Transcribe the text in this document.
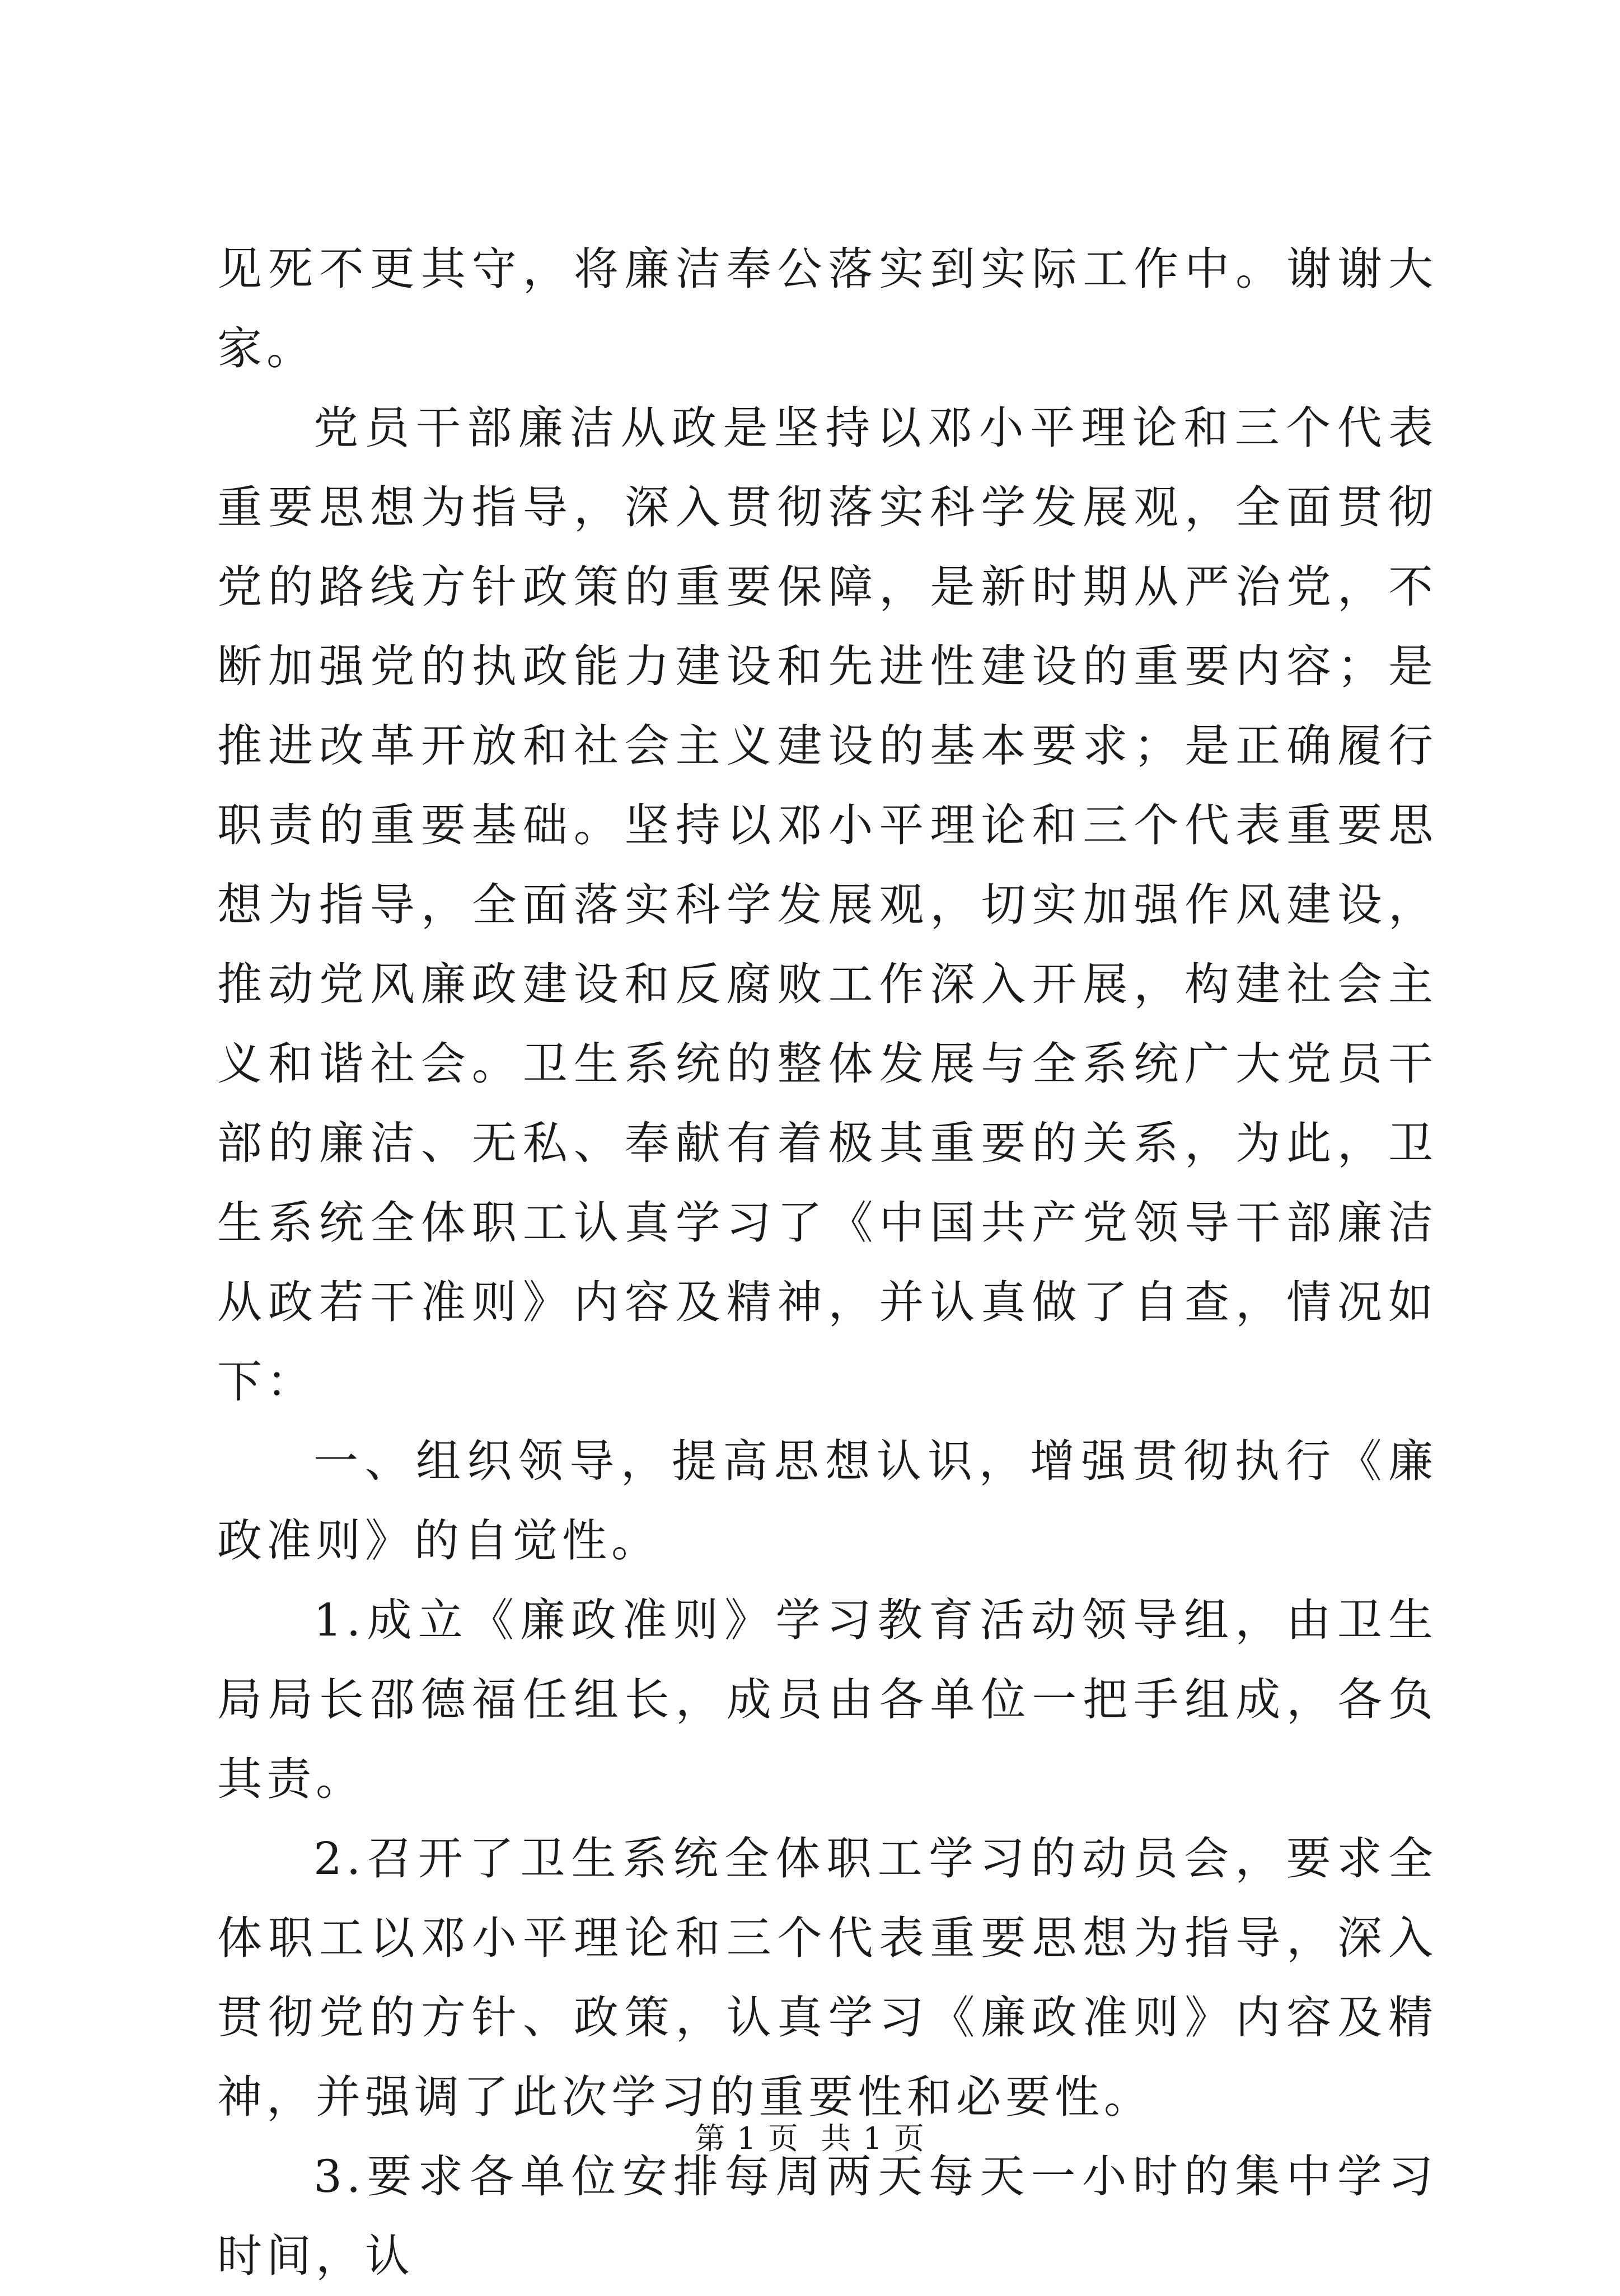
见死不更其守，将廉洁奉公落实到实际工作中。谢谢大家。

党员干部廉洁从政是坚持以邓小平理论和三个代表重要思想为指导，深入贯彻落实科学发展观，全面贯彻党的路线方针政策的重要保障，是新时期从严治党，不断加强党的执政能力建设和先进性建设的重要内容；是推进改革开放和社会主义建设的基本要求；是正确履行职责的重要基础。坚持以邓小平理论和三个代表重要思想为指导，全面落实科学发展观，切实加强作风建设，推动党风廉政建设和反腐败工作深入开展，构建社会主义和谐社会。卫生系统的整体发展与全系统广大党员干部的廉洁、无私、奉献有着极其重要的关系，为此，卫生系统全体职工认真学习了《中国共产党领导干部廉洁从政若干准则》内容及精神，并认真做了自查，情况如下：

一、组织领导，提高思想认识，增强贯彻执行《廉政准则》的自觉性。

1.成立《廉政准则》学习教育活动领导组，由卫生局局长邵德福任组长，成员由各单位一把手组成，各负其责。

2.召开了卫生系统全体职工学习的动员会，要求全体职工以邓小平理论和三个代表重要思想为指导，深入贯彻党的方针、政策，认真学习《廉政准则》内容及精神，并强调了此次学习的重要性和必要性。

3.要求各单位安排每周两天每天一小时的集中学习时间，认

第 1 页  共 1 页
